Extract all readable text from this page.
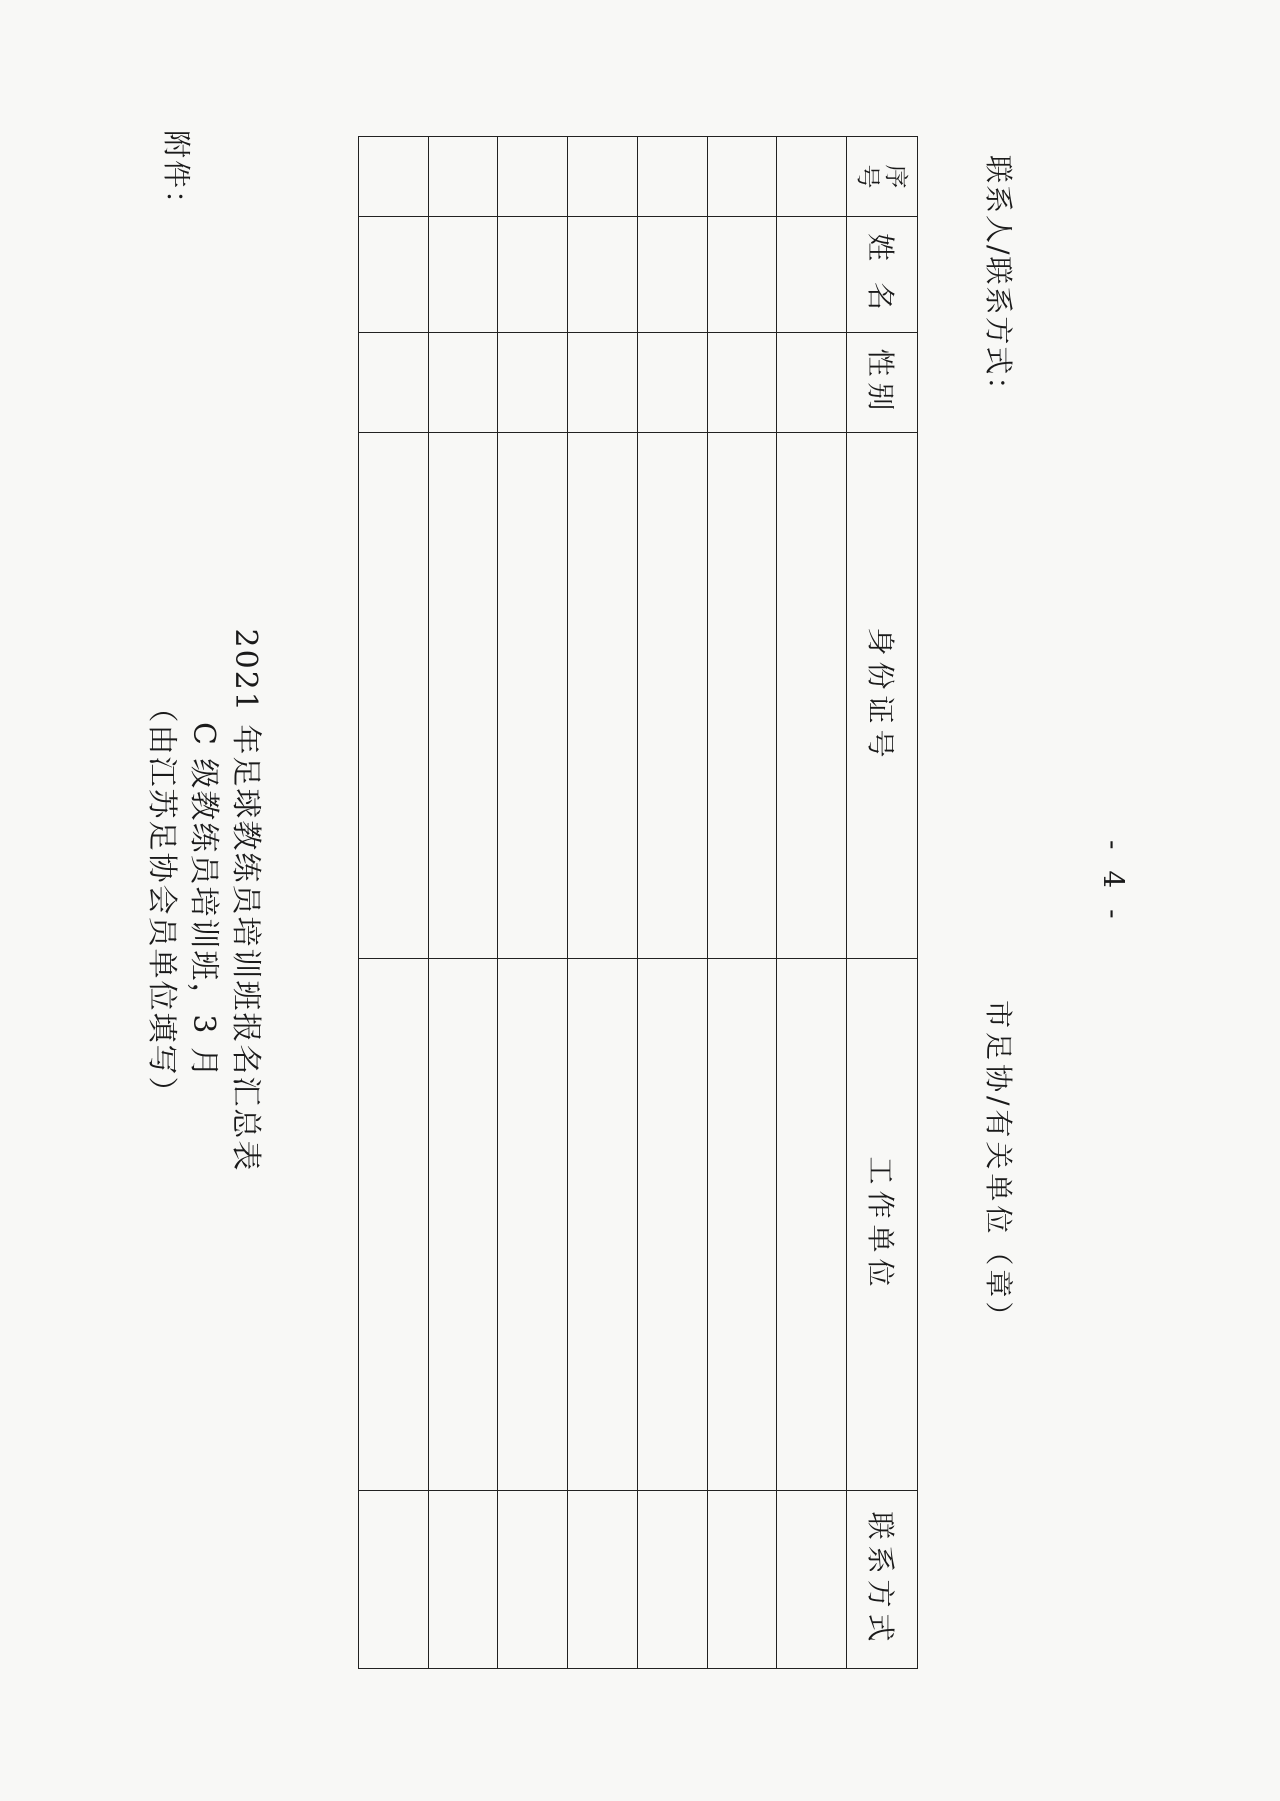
2021 年足球教练员培训班报名汇总表
C 级教练员培训班，3 月
（由江苏足协会员单位填写）
附件：	序
号	姓 名	性别	身份证号	工作单位	联系方式

联系人/联系方式：
市足协/有关单位（章）
- 4 -
